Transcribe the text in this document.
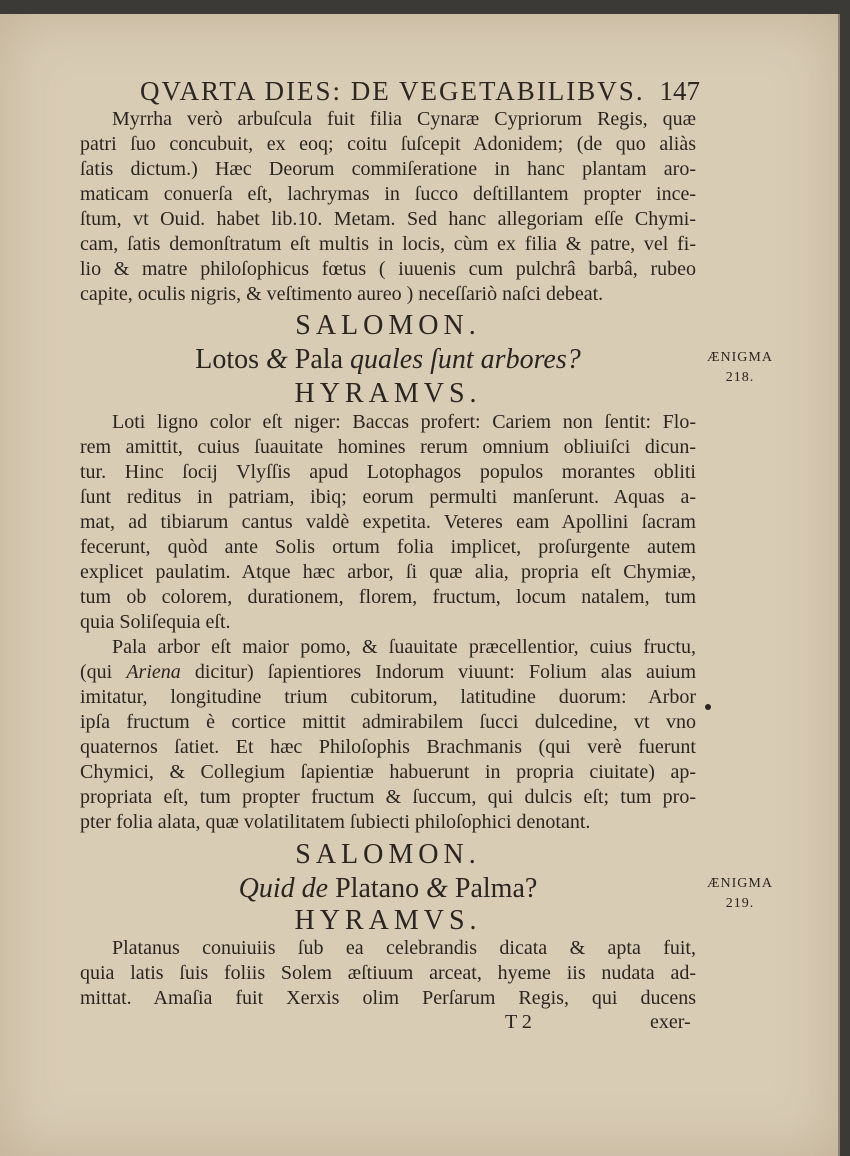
QVARTA DIES: DE VEGETABILIBVS. 147
Myrrha verò arbuſcula fuit filia Cynaræ Cypriorum Regis, quæ
patri ſuo concubuit, ex eoq; coitu ſuſcepit Adonidem; (de quo aliàs
ſatis dictum.) Hæc Deorum commiſeratione in hanc plantam aro-
maticam conuerſa eſt, lachrymas in ſucco deſtillantem propter ince-
ſtum, vt Ouid. habet lib.10. Metam. Sed hanc allegoriam eſſe Chymi-
cam, ſatis demonſtratum eſt multis in locis, cùm ex filia & patre, vel fi-
lio & matre philoſophicus fœtus ( iuuenis cum pulchrâ barbâ, rubeo
capite, oculis nigris, & veſtimento aureo ) neceſſariò naſci debeat.
SALOMON.
Lotos & Pala quales ſunt arbores?
HYRAMVS.
ÆNIGMA
218.
Loti ligno color eſt niger: Baccas profert: Cariem non ſentit: Flo-
rem amittit, cuius ſuauitate homines rerum omnium obliuiſci dicun-
tur. Hinc ſocij Vlyſſis apud Lotophagos populos morantes obliti
ſunt reditus in patriam, ibiq; eorum permulti manſerunt. Aquas a-
mat, ad tibiarum cantus valdè expetita. Veteres eam Apollini ſacram
fecerunt, quòd ante Solis ortum folia implicet, proſurgente autem
explicet paulatim. Atque hæc arbor, ſi quæ alia, propria eſt Chymiæ,
tum ob colorem, durationem, florem, fructum, locum natalem, tum
quia Soliſequia eſt.
Pala arbor eſt maior pomo, & ſuauitate præcellentior, cuius fructu,
(qui Ariena dicitur) ſapientiores Indorum viuunt: Folium alas auium
imitatur, longitudine trium cubitorum, latitudine duorum: Arbor
ipſa fructum è cortice mittit admirabilem ſucci dulcedine, vt vno
quaternos ſatiet. Et hæc Philoſophis Brachmanis (qui verè fuerunt
Chymici, & Collegium ſapientiæ habuerunt in propria ciuitate) ap-
propriata eſt, tum propter fructum & ſuccum, qui dulcis eſt; tum pro-
pter folia alata, quæ volatilitatem ſubiecti philoſophici denotant.
SALOMON.
Quid de Platano & Palma?
HYRAMVS.
ÆNIGMA
219.
Platanus conuiuiis ſub ea celebrandis dicata & apta fuit,
quia latis ſuis foliis Solem æſtiuum arceat, hyeme iis nudata ad-
mittat. Amaſia fuit Xerxis olim Perſarum Regis, qui ducens
T 2	exer-
